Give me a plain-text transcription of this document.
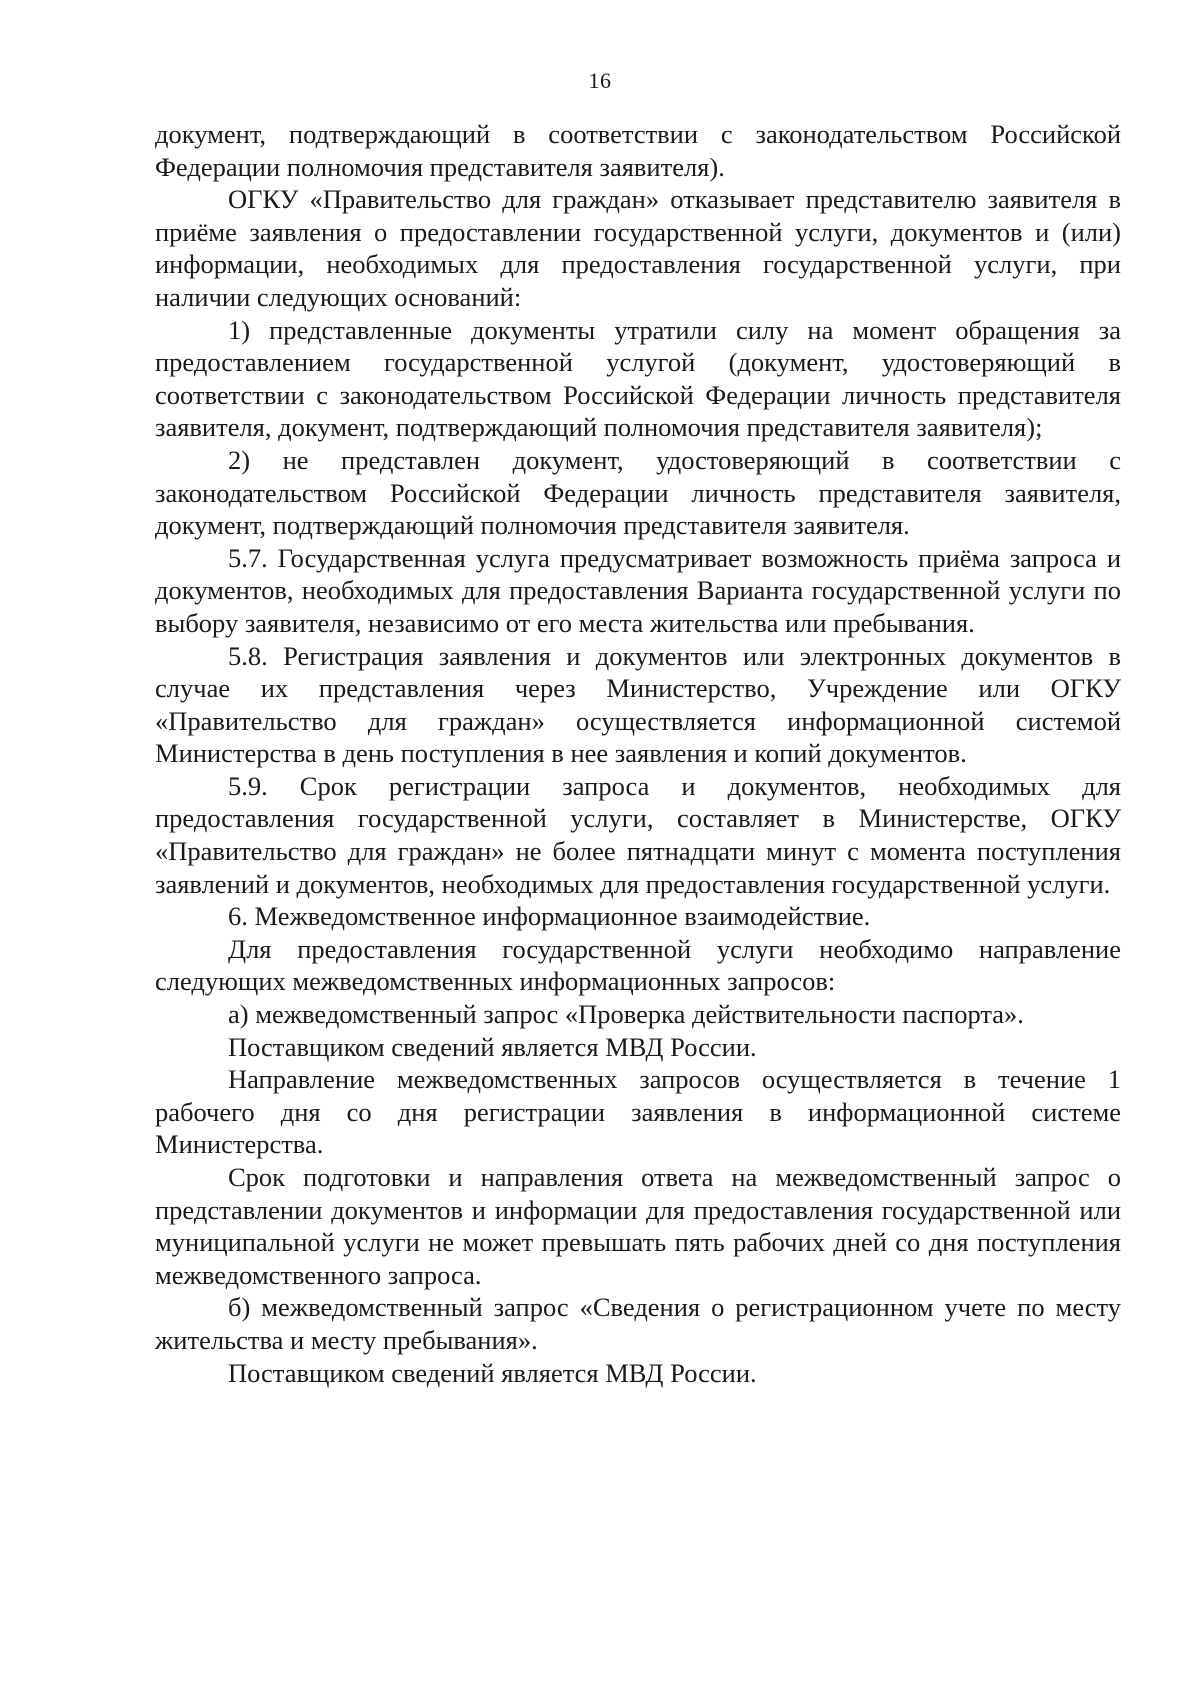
16

документ, подтверждающий в соответствии с законодательством Российской Федерации полномочия представителя заявителя).

ОГКУ «Правительство для граждан» отказывает представителю заявителя в приёме заявления о предоставлении государственной услуги, документов и (или) информации, необходимых для предоставления государственной услуги, при наличии следующих оснований:

1) представленные документы утратили силу на момент обращения за предоставлением государственной услугой (документ, удостоверяющий в соответствии с законодательством Российской Федерации личность представителя заявителя, документ, подтверждающий полномочия представителя заявителя);

2) не представлен документ, удостоверяющий в соответствии с законодательством Российской Федерации личность представителя заявителя, документ, подтверждающий полномочия представителя заявителя.

5.7. Государственная услуга предусматривает возможность приёма запроса и документов, необходимых для предоставления Варианта государственной услуги по выбору заявителя, независимо от его места жительства или пребывания.

5.8. Регистрация заявления и документов или электронных документов в случае их представления через Министерство, Учреждение или ОГКУ «Правительство для граждан» осуществляется информационной системой Министерства в день поступления в нее заявления и копий документов.

5.9. Срок регистрации запроса и документов, необходимых для предоставления государственной услуги, составляет в Министерстве, ОГКУ «Правительство для граждан» не более пятнадцати минут с момента поступления заявлений и документов, необходимых для предоставления государственной услуги.

6. Межведомственное информационное взаимодействие.

Для предоставления государственной услуги необходимо направление следующих межведомственных информационных запросов:

а) межведомственный запрос «Проверка действительности паспорта».

Поставщиком сведений является МВД России.

Направление межведомственных запросов осуществляется в течение 1 рабочего дня со дня регистрации заявления в информационной системе Министерства.

Срок подготовки и направления ответа на межведомственный запрос о представлении документов и информации для предоставления государственной или муниципальной услуги не может превышать пять рабочих дней со дня поступления межведомственного запроса.

б) межведомственный запрос «Сведения о регистрационном учете по месту жительства и месту пребывания».

Поставщиком сведений является МВД России.
